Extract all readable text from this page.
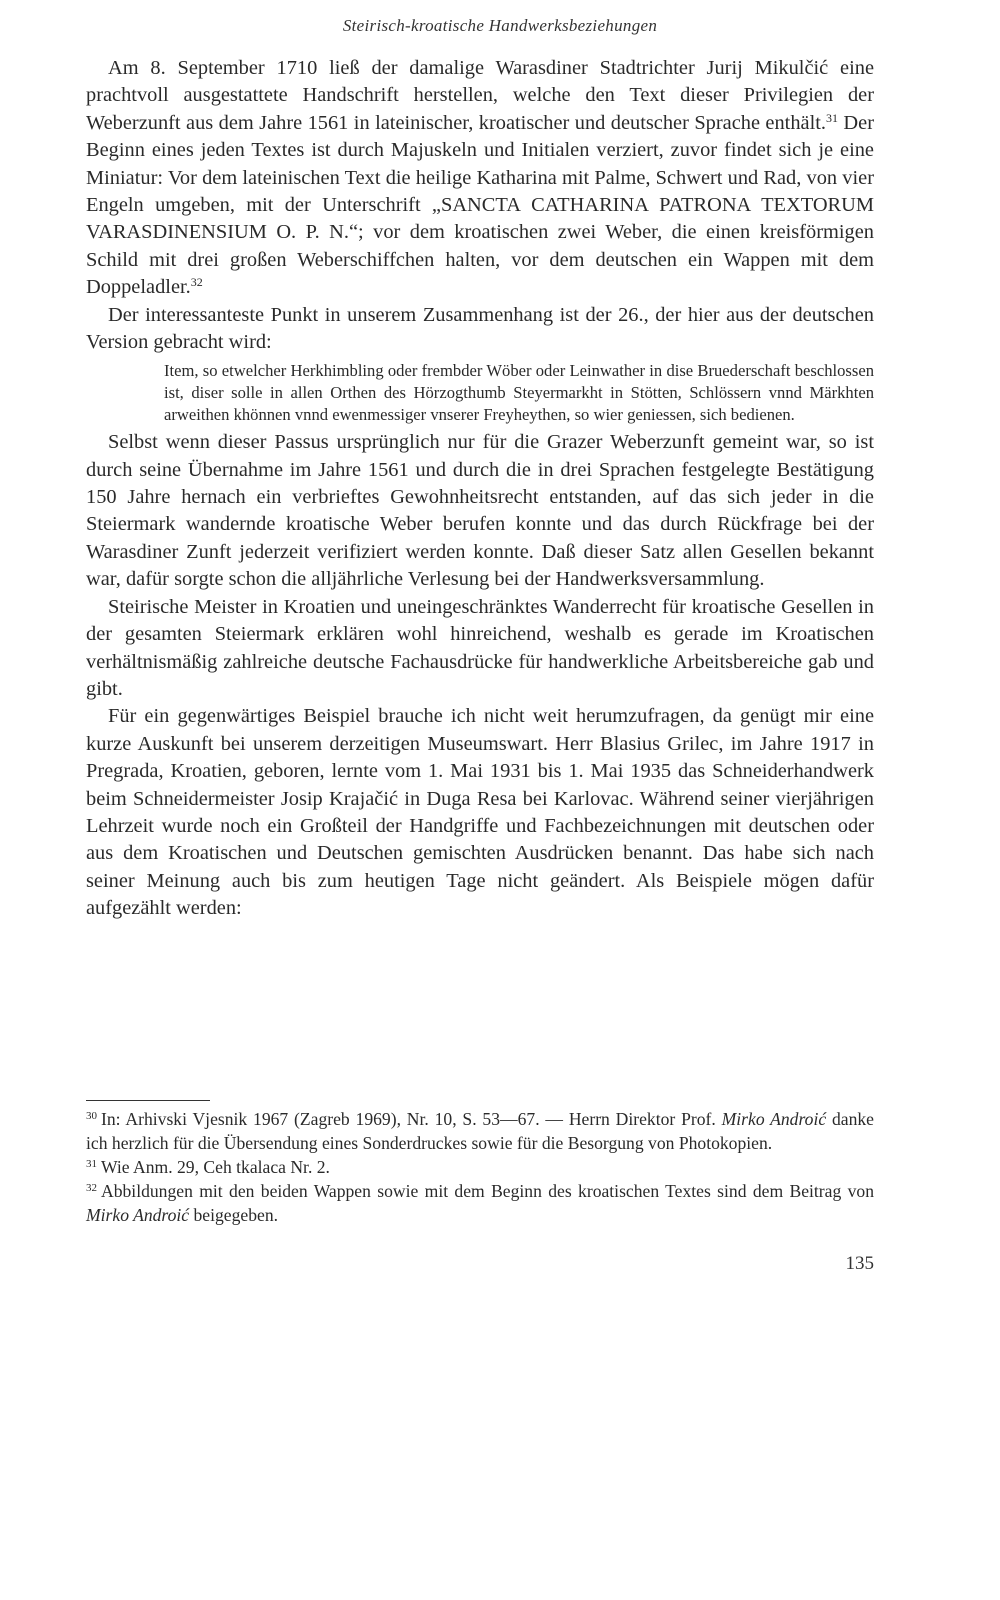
Steirisch-kroatische Handwerksbeziehungen

Am 8. September 1710 ließ der damalige Warasdiner Stadtrichter Jurij Mikulčić eine prachtvoll ausgestattete Handschrift herstellen, welche den Text dieser Privilegien der Weberzunft aus dem Jahre 1561 in lateinischer, kroatischer und deutscher Sprache enthält.$^{31}$ Der Beginn eines jeden Textes ist durch Majuskeln und Initialen verziert, zuvor findet sich je eine Miniatur: Vor dem lateinischen Text die heilige Katharina mit Palme, Schwert und Rad, von vier Engeln umgeben, mit der Unterschrift „SANCTA CATHARINA PATRONA TEXTORUM VARASDINENSIUM O. P. N.“; vor dem kroatischen zwei Weber, die einen kreisförmigen Schild mit drei großen Weberschiffchen halten, vor dem deutschen ein Wappen mit dem Doppeladler.$^{32}$

Der interessanteste Punkt in unserem Zusammenhang ist der 26., der hier aus der deutschen Version gebracht wird:

Item, so etwelcher Herkhimbling oder frembder Wöber oder Leinwather in dise Bruederschaft beschlossen ist, diser solle in allen Orthen des Hörzogthumb Steyermarkht in Stötten, Schlössern vnnd Märkhten arweithen khönnen vnnd ewenmessiger vnserer Freyheythen, so wier geniessen, sich bedienen.

Selbst wenn dieser Passus ursprünglich nur für die Grazer Weberzunft gemeint war, so ist durch seine Übernahme im Jahre 1561 und durch die in drei Sprachen festgelegte Bestätigung 150 Jahre hernach ein verbrieftes Gewohnheitsrecht entstanden, auf das sich jeder in die Steiermark wandernde kroatische Weber berufen konnte und das durch Rückfrage bei der Warasdiner Zunft jederzeit verifiziert werden konnte. Daß dieser Satz allen Gesellen bekannt war, dafür sorgte schon die alljährliche Verlesung bei der Handwerksversammlung.

Steirische Meister in Kroatien und uneingeschränktes Wanderrecht für kroatische Gesellen in der gesamten Steiermark erklären wohl hinreichend, weshalb es gerade im Kroatischen verhältnismäßig zahlreiche deutsche Fachausdrücke für handwerkliche Arbeitsbereiche gab und gibt.

Für ein gegenwärtiges Beispiel brauche ich nicht weit herumzufragen, da genügt mir eine kurze Auskunft bei unserem derzeitigen Museumswart. Herr Blasius Grilec, im Jahre 1917 in Pregrada, Kroatien, geboren, lernte vom 1. Mai 1931 bis 1. Mai 1935 das Schneiderhandwerk beim Schneidermeister Josip Krajačić in Duga Resa bei Karlovac. Während seiner vierjährigen Lehrzeit wurde noch ein Großteil der Handgriffe und Fachbezeichnungen mit deutschen oder aus dem Kroatischen und Deutschen gemischten Ausdrücken benannt. Das habe sich nach seiner Meinung auch bis zum heutigen Tage nicht geändert. Als Beispiele mögen dafür aufgezählt werden:

$^{30}$ In: Arhivski Vjesnik 1967 (Zagreb 1969), Nr. 10, S. 53—67. — Herrn Direktor Prof. Mirko Androić danke ich herzlich für die Übersendung eines Sonderdruckes sowie für die Besorgung von Photokopien.

$^{31}$ Wie Anm. 29, Ceh tkalaca Nr. 2.

$^{32}$ Abbildungen mit den beiden Wappen sowie mit dem Beginn des kroatischen Textes sind dem Beitrag von Mirko Androić beigegeben.

135
